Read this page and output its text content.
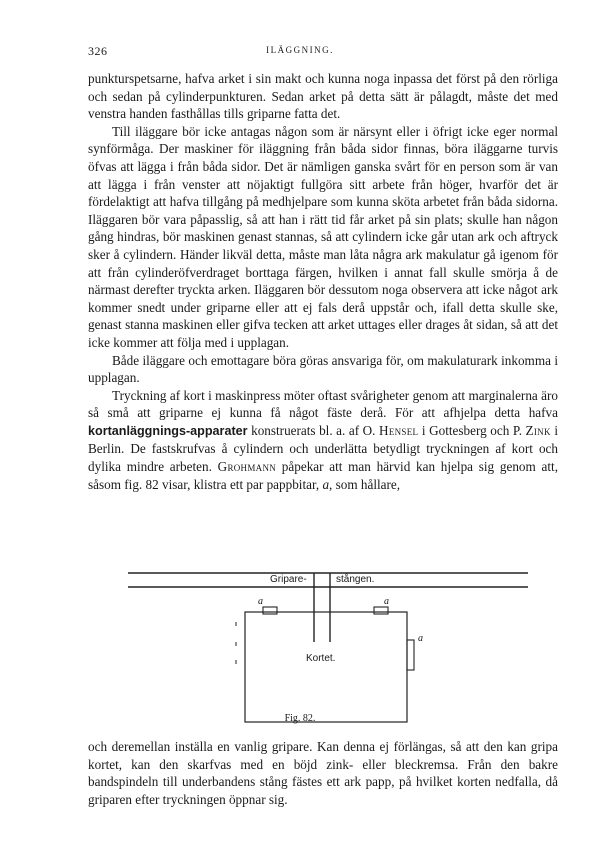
326	ILÄGGNING.

punkturspetsarne, hafva arket i sin makt och kunna noga inpassa det först på den rörliga och sedan på cylinderpunkturen. Sedan arket på detta sätt är pålagdt, måste det med venstra handen fasthållas tills griparne fatta det.

Till iläggare bör icke antagas någon som är närsynt eller i öfrigt icke eger normal synförmåga. Der maskiner för iläggning från båda sidor finnas, böra iläggarne turvis öfvas att lägga i från båda sidor. Det är nämligen ganska svårt för en person som är van att lägga i från venster att nöjaktigt fullgöra sitt arbete från höger, hvarför det är fördelaktigt att hafva tillgång på medhjelpare som kunna sköta arbetet från båda sidorna. Iläggaren bör vara påpasslig, så att han i rätt tid får arket på sin plats; skulle han någon gång hindras, bör maskinen genast stannas, så att cylindern icke går utan ark och aftryck sker å cylindern. Händer likväl detta, måste man låta några ark makulatur gå igenom för att från cylinderöfverdraget borttaga färgen, hvilken i annat fall skulle smörja å de närmast derefter tryckta arken. Iläggaren bör dessutom noga observera att icke något ark kommer snedt under griparne eller att ej fals derå uppstår och, ifall detta skulle ske, genast stanna maskinen eller gifva tecken att arket uttages eller drages åt sidan, så att det icke kommer att följa med i upplagan.

Både iläggare och emottagare böra göras ansvariga för, om makulaturark inkomma i upplagan.

Tryckning af kort i maskinpress möter oftast svårigheter genom att marginalerna äro så små att griparne ej kunna få något fäste derå. För att afhjelpa detta hafva kortanläggnings-apparater konstruerats bl. a. af O. Hensel i Gottesberg och P. Zink i Berlin. De fastskrufvas å cylindern och underlätta betydligt tryckningen af kort och dylika mindre arbeten. Grohmann påpekar att man härvid kan hjelpa sig genom att, såsom fig. 82 visar, klistra ett par pappbitar, a, som hållare,

Gripare-	stången.
a	a
a
Kortet.
Fig. 82.

och deremellan inställa en vanlig gripare. Kan denna ej förlängas, så att den kan gripa kortet, kan den skarfvas med en böjd zink- eller bleckremsa. Från den bakre bandspindeln till underbandens stång fästes ett ark papp, på hvilket korten nedfalla, då griparen efter tryckningen öppnar sig.
